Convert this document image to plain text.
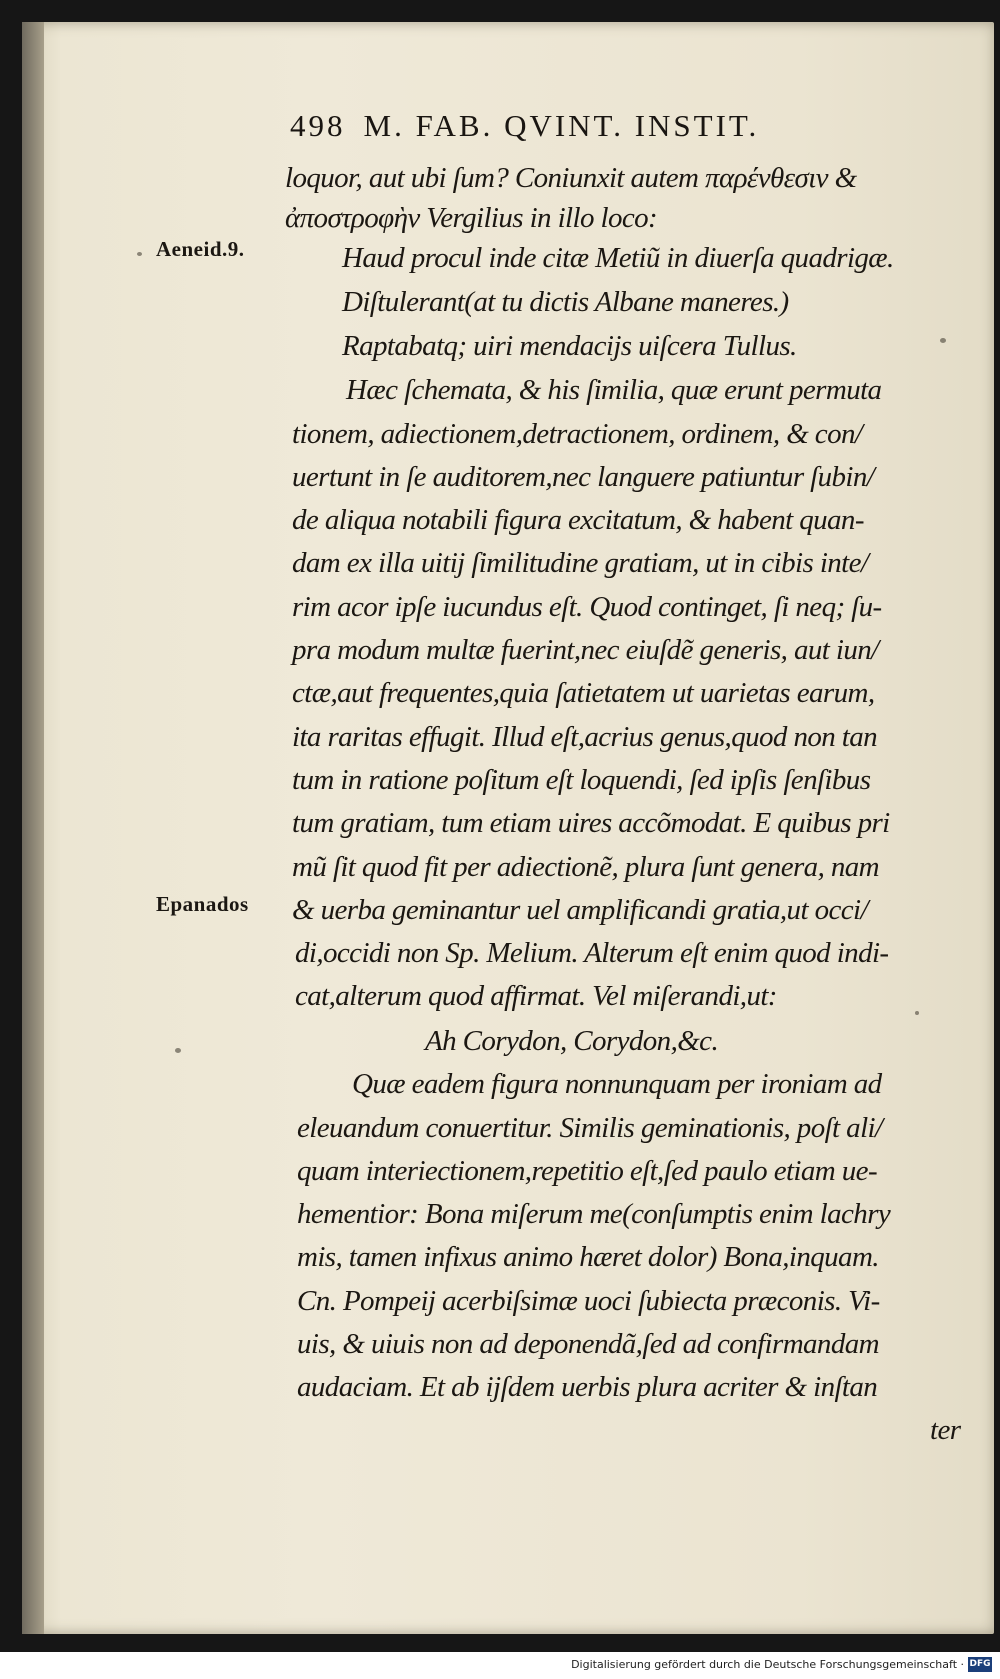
498 M. FAB. QVINT. INSTIT.
Aeneid.9.
Epanados
loquor, aut ubi ſum? Coniunxit autem παρένθεσιν &
ἀποστροφὴν Vergilius in illo loco:
Haud procul inde citæ Metiũ in diuerſa quadrigæ.
Diſtulerant(at tu dictis Albane maneres.)
Raptabatq; uiri mendacijs uiſcera Tullus.
Hæc ſchemata, & his ſimilia, quæ erunt permuta
tionem, adiectionem,detractionem, ordinem, & con/
uertunt in ſe auditorem,nec languere patiuntur ſubin/
de aliqua notabili figura excitatum, & habent quan-
dam ex illa uitij ſimilitudine gratiam, ut in cibis inte/
rim acor ipſe iucundus eſt. Quod continget, ſi neq; ſu-
pra modum multæ fuerint,nec eiuſdẽ generis, aut iun/
ctæ,aut frequentes,quia ſatietatem ut uarietas earum,
ita raritas effugit. Illud eſt,acrius genus,quod non tan
tum in ratione poſitum eſt loquendi, ſed ipſis ſenſibus
tum gratiam, tum etiam uires accõmodat. E quibus pri
mũ ſit quod fit per adiectionẽ, plura ſunt genera, nam
& uerba geminantur uel amplificandi gratia,ut occi/
di,occidi non Sp. Melium. Alterum eſt enim quod indi-
cat,alterum quod affirmat. Vel miſerandi,ut:
Ah Corydon, Corydon,&c.
Quæ eadem figura nonnunquam per ironiam ad
eleuandum conuertitur. Similis geminationis, poſt ali/
quam interiectionem,repetitio eſt,ſed paulo etiam ue-
hementior: Bona miſerum me(conſumptis enim lachry
mis, tamen infixus animo hæret dolor) Bona,inquam.
Cn. Pompeij acerbiſsimæ uoci ſubiecta præconis. Vi-
uis, & uiuis non ad deponendã,ſed ad confirmandam
audaciam. Et ab ijſdem uerbis plura acriter & inſtan
ter
Digitalisierung gefördert durch die Deutsche Forschungsgemeinschaft · DFG
